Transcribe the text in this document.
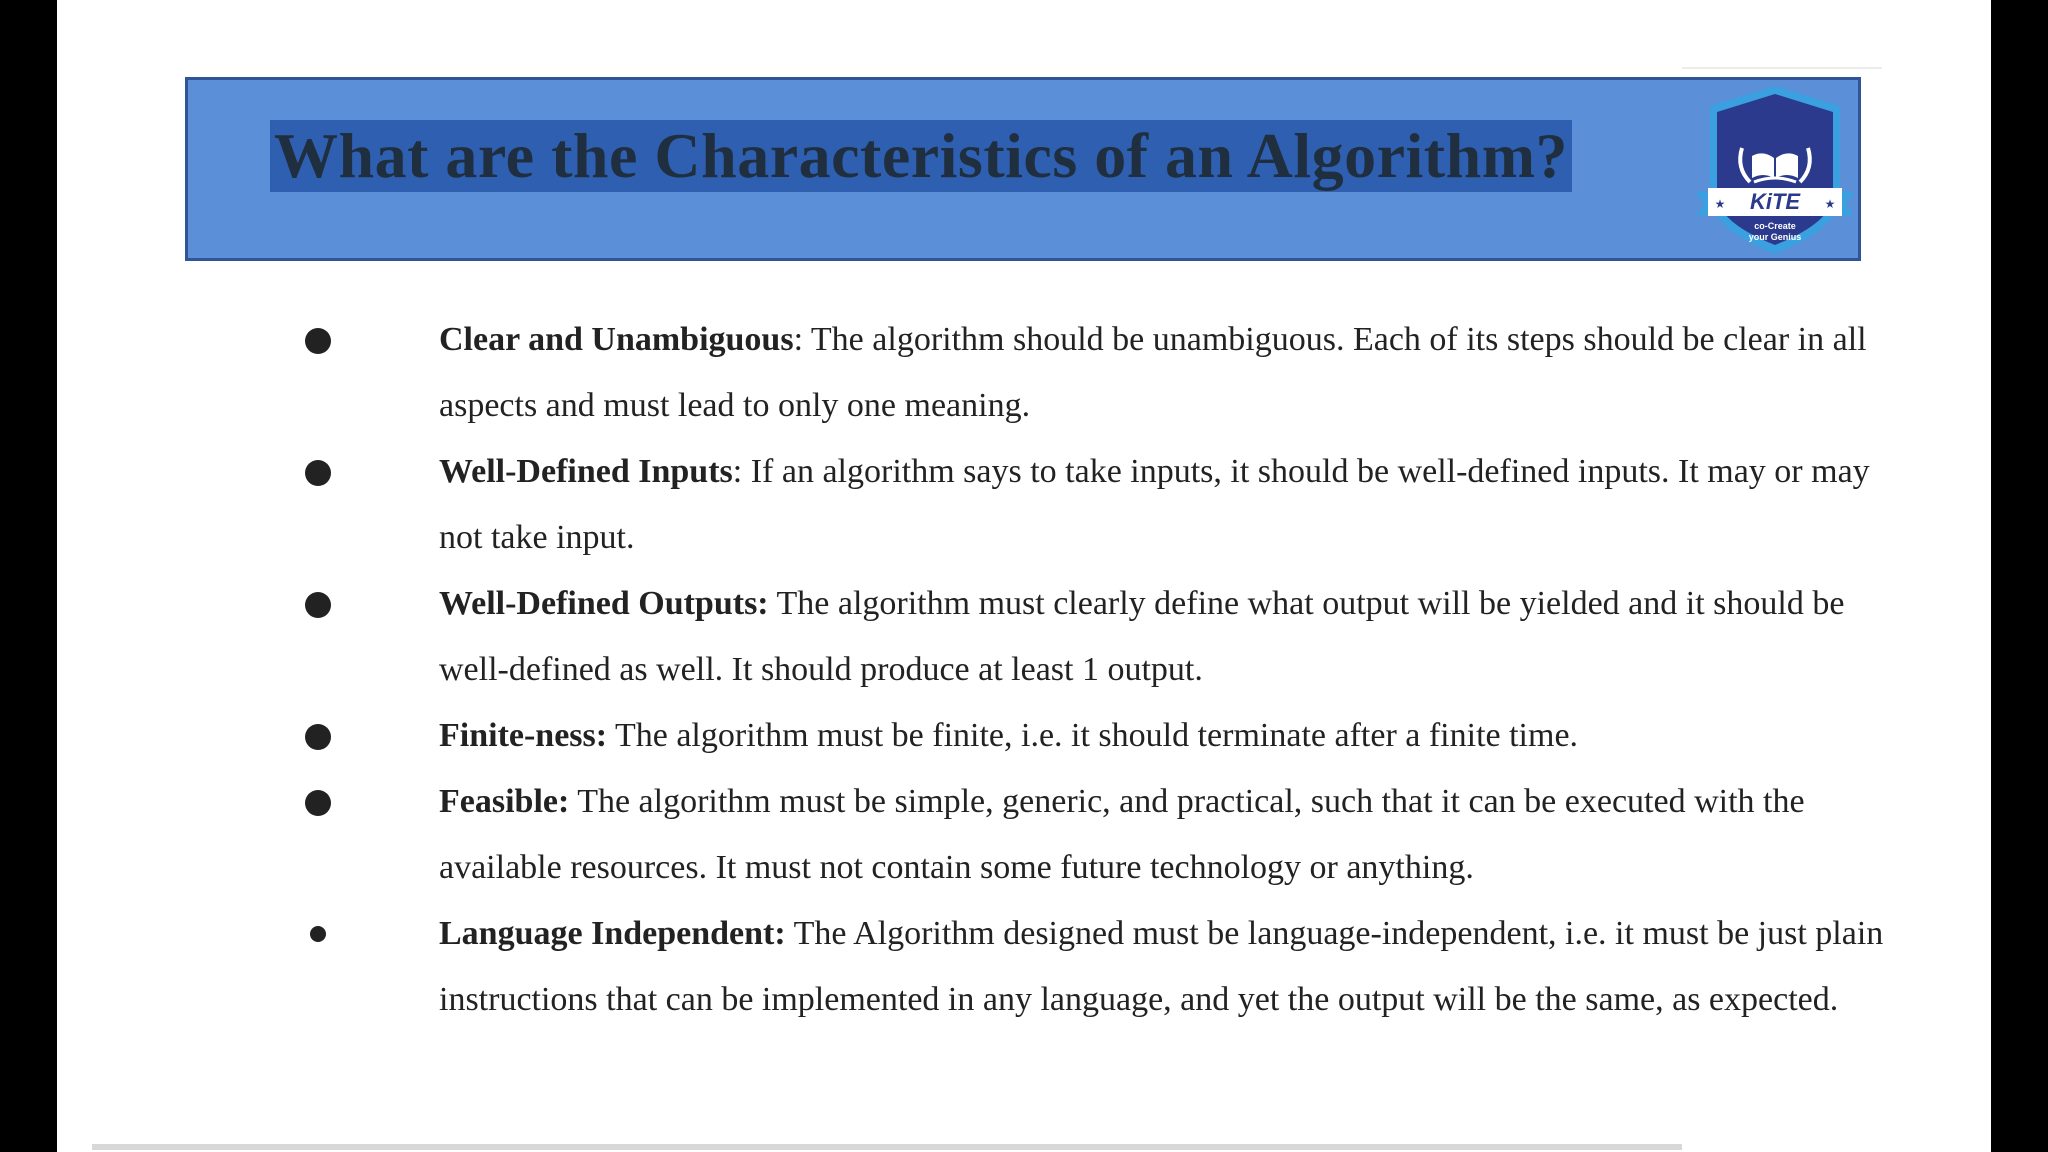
What are the Characteristics of an Algorithm?
KiTE
★	★
co-Create
your Genius
Clear and Unambiguous: The algorithm should be unambiguous. Each of its steps should be clear in all aspects and must lead to only one meaning.
Well-Defined Inputs: If an algorithm says to take inputs, it should be well-defined inputs. It may or may not take input.
Well-Defined Outputs: The algorithm must clearly define what output will be yielded and it should be well-defined as well. It should produce at least 1 output.
Finite-ness: The algorithm must be finite, i.e. it should terminate after a finite time.
Feasible: The algorithm must be simple, generic, and practical, such that it can be executed with the available resources. It must not contain some future technology or anything.
Language Independent: The Algorithm designed must be language-independent, i.e. it must be just plain instructions that can be implemented in any language, and yet the output will be the same, as expected.
